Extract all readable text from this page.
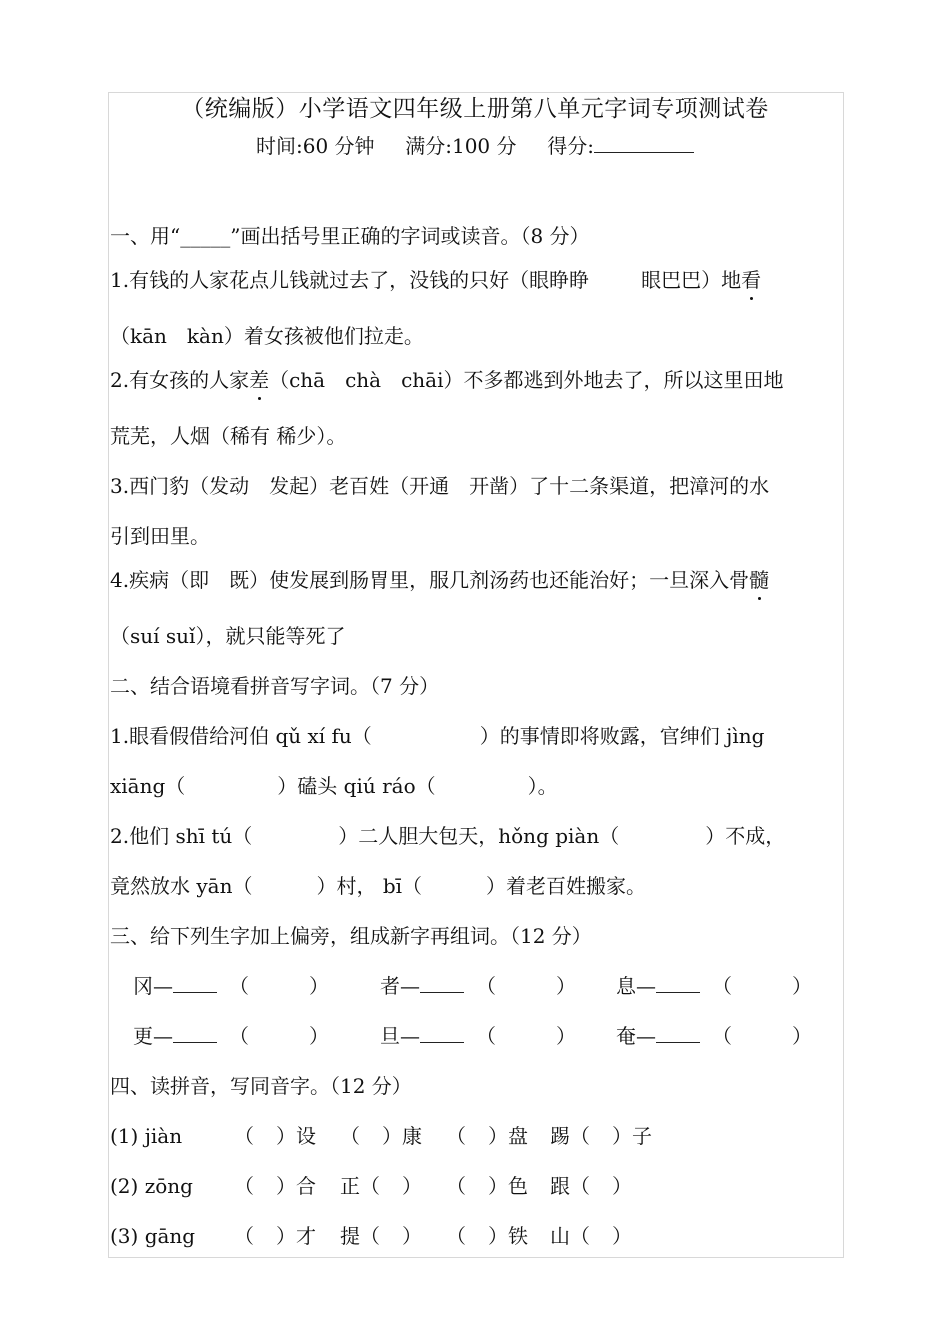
（统编版）小学语文四年级上册第八单元字词专项测试卷
时间:60 分钟 满分:100 分 得分:
一、用“_____”画出括号里正确的字词或读音。（8 分）
1.有钱的人家花点儿钱就过去了，没钱的只好（眼睁睁	眼巴巴）地看
（kān　kàn）着女孩被他们拉走。
2.有女孩的人家差（chā　chà　chāi）不多都逃到外地去了，所以这里田地
荒芜，人烟（稀有 稀少）。
3.西门豹（发动　发起）老百姓（开通　开凿）了十二条渠道，把漳河的水
引到田里。
4.疾病（即　既）使发展到肠胃里，服几剂汤药也还能治好；一旦深入骨髓
（suí suǐ），就只能等死了
二、结合语境看拼音写字词。（7 分）
1.眼看假借给河伯 qǔ xí fu（	）的事情即将败露，官绅们 jìng
xiāng（	）磕头 qiú ráo（	）。
2.他们 shī tú（	）二人胆大包天，hǒng piàn（	）不成，
竟然放水 yān（	）村， bī（	）着老百姓搬家。
三、给下列生字加上偏旁，组成新字再组词。（12 分）
冈—	（	）	者—	（	） 息—	（	）
更—	（	）	旦—	（	） 奄—	（	）
四、读拼音，写同音字。（12 分）
(1) jiàn	（ ）设 （ ）康 （ ）盘 踢（ ）子
(2) zōng （ ）合 正（ ） （ ）色 跟（ ）
(3) gāng （ ）才 提（ ） （ ）铁 山（ ）
